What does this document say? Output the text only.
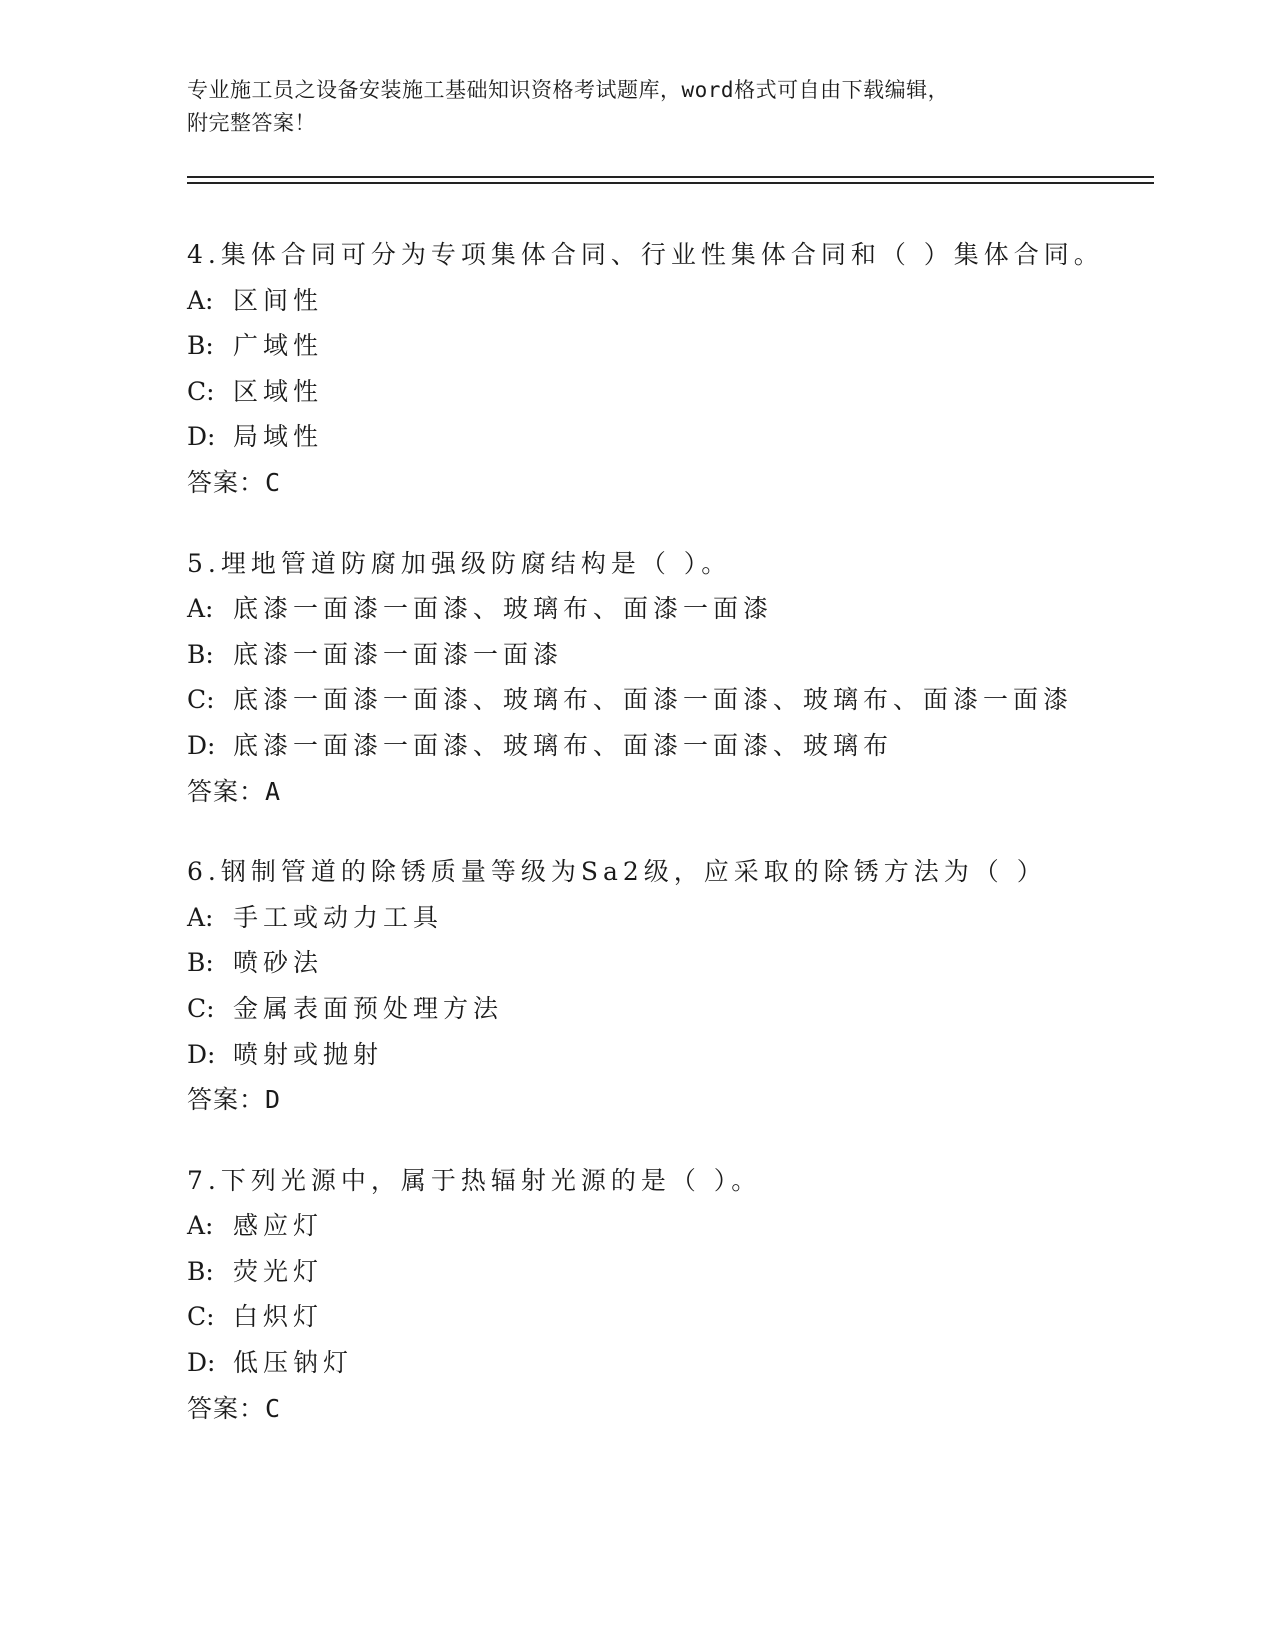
专业施工员之设备安装施工基础知识资格考试题库，word格式可自由下载编辑，
附完整答案！
4.集体合同可分为专项集体合同、行业性集体合同和（ ）集体合同。
A: 区间性
B: 广域性
C: 区域性
D: 局域性
答案：C
5.埋地管道防腐加强级防腐结构是（ ）。
A: 底漆一面漆一面漆、玻璃布、面漆一面漆
B: 底漆一面漆一面漆一面漆
C: 底漆一面漆一面漆、玻璃布、面漆一面漆、玻璃布、面漆一面漆
D: 底漆一面漆一面漆、玻璃布、面漆一面漆、玻璃布
答案：A
6.钢制管道的除锈质量等级为Sa2级，应采取的除锈方法为（ ）
A: 手工或动力工具
B: 喷砂法
C: 金属表面预处理方法
D: 喷射或抛射
答案：D
7.下列光源中，属于热辐射光源的是（ ）。
A: 感应灯
B: 荧光灯
C: 白炽灯
D: 低压钠灯
答案：C
